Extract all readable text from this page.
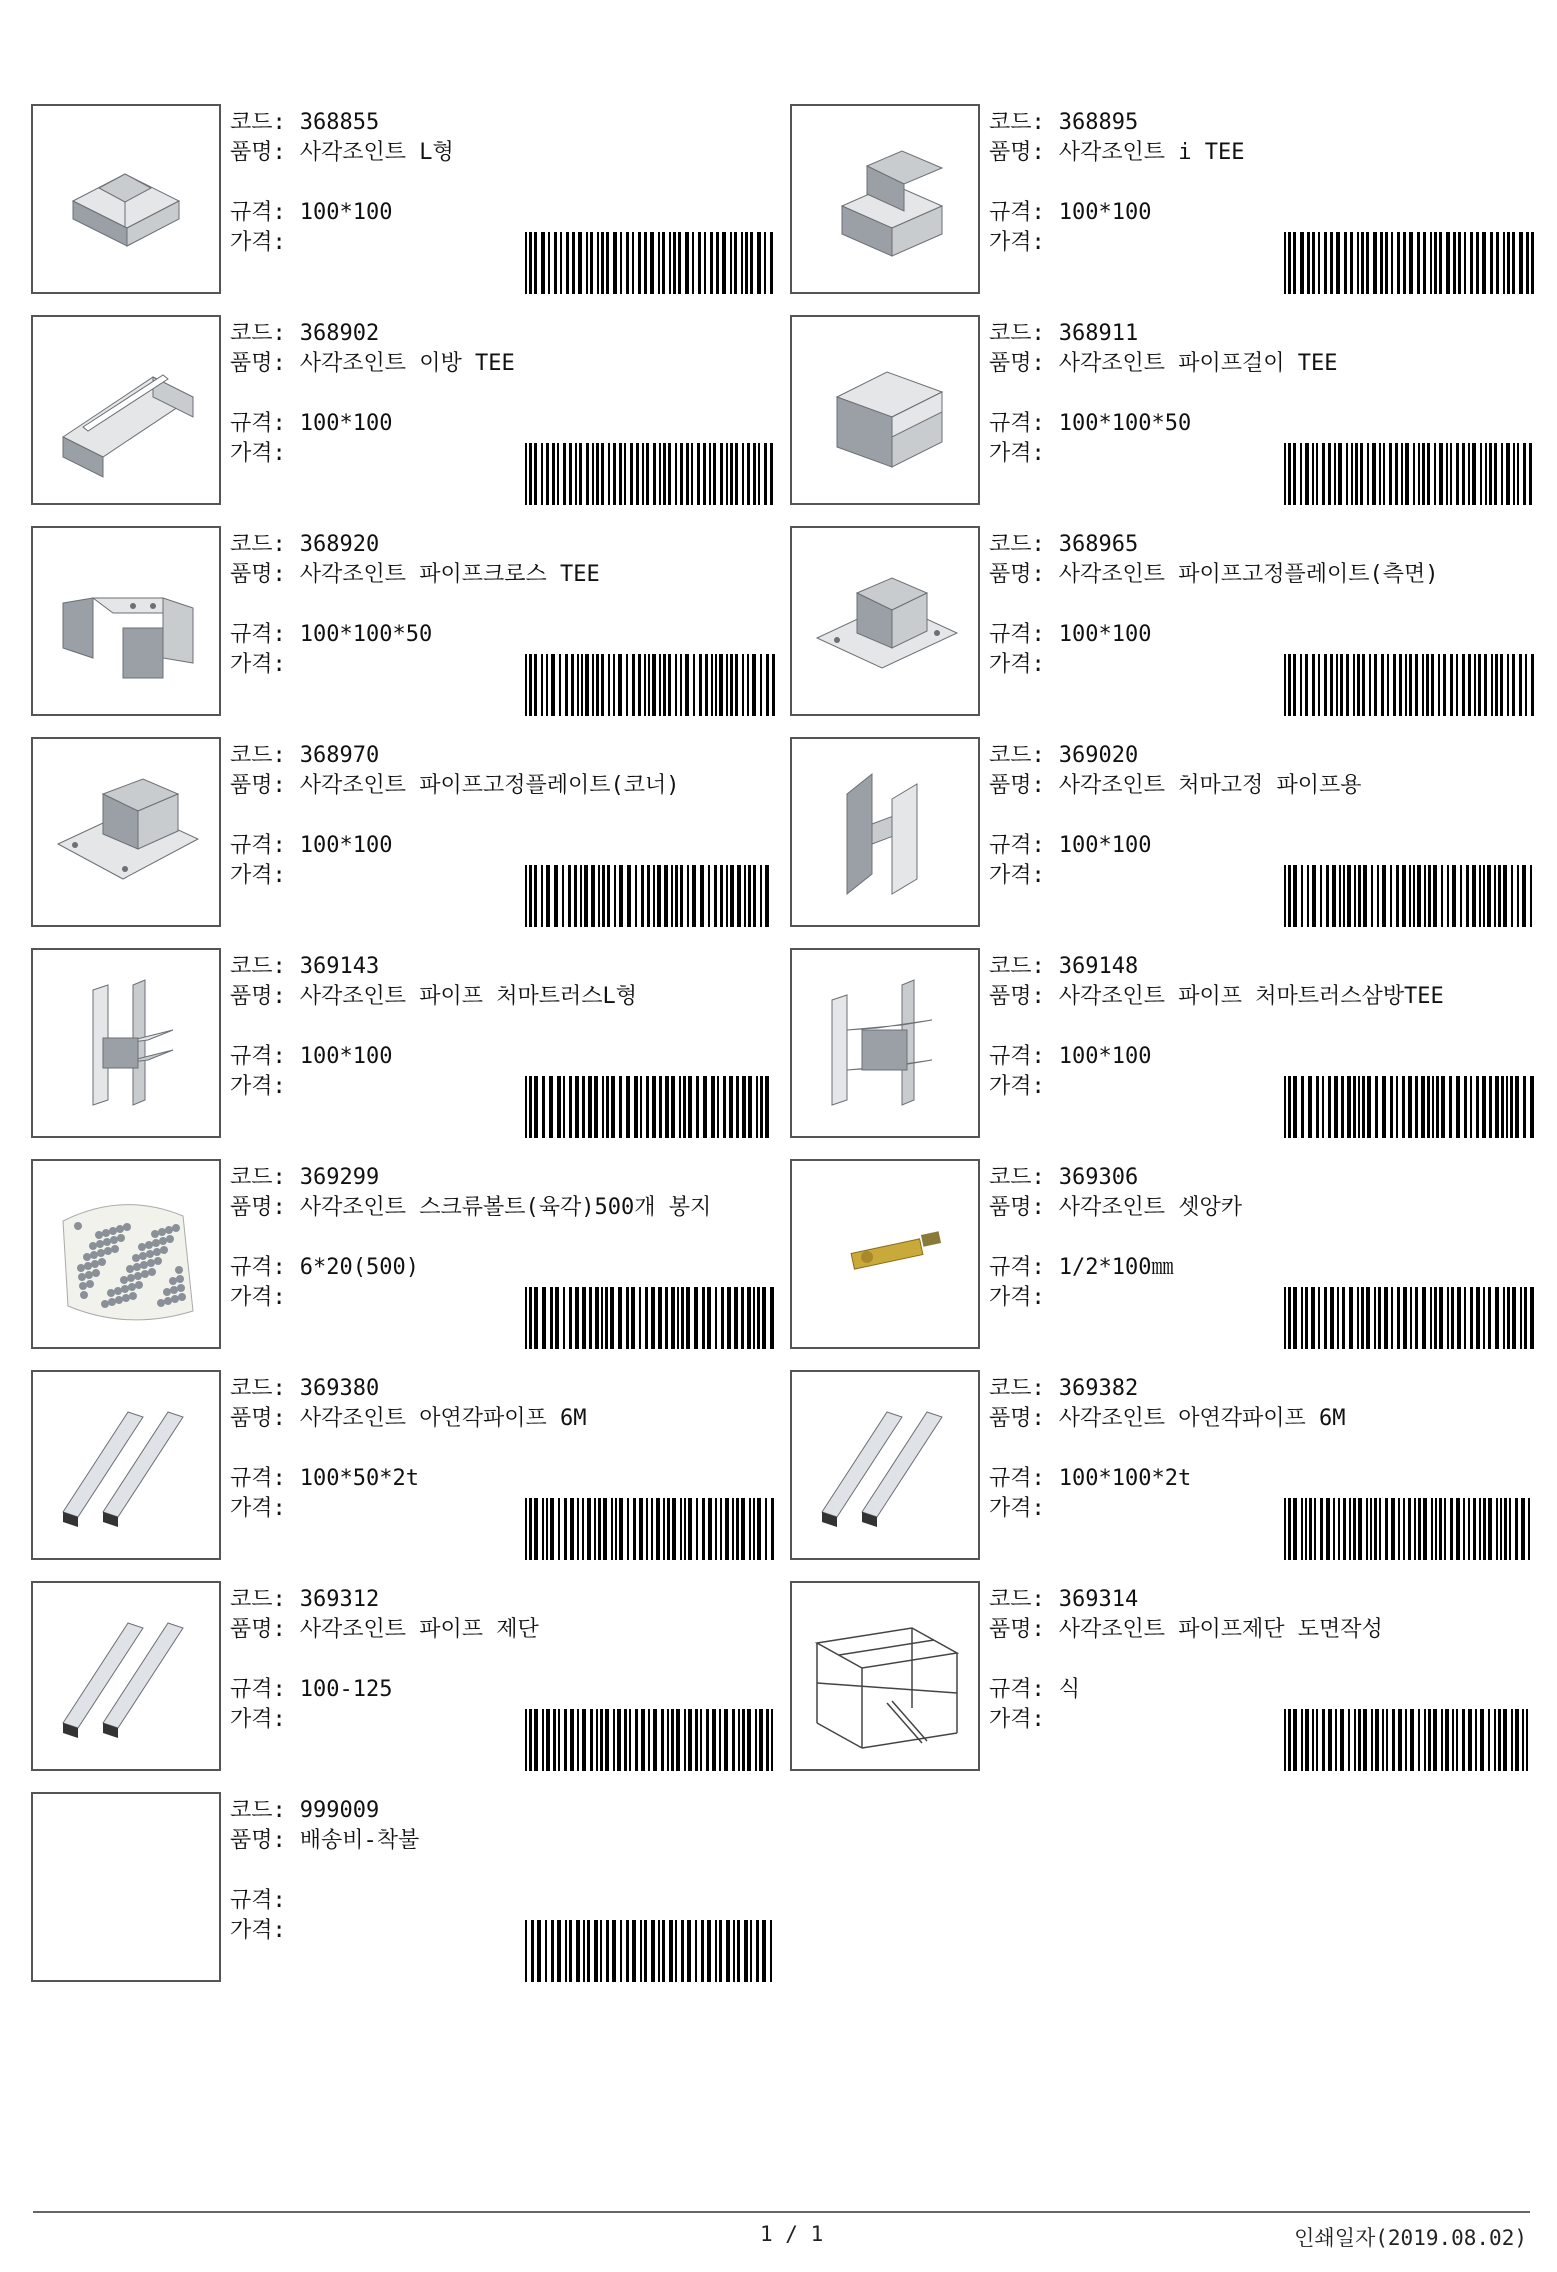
코드: 368855
품명: 사각조인트 L형
규격: 100*100
가격:
코드: 368895
품명: 사각조인트 i TEE
규격: 100*100
가격:
코드: 368902
품명: 사각조인트 이방 TEE
규격: 100*100
가격:
코드: 368911
품명: 사각조인트 파이프걸이 TEE
규격: 100*100*50
가격:
코드: 368920
품명: 사각조인트 파이프크로스 TEE
규격: 100*100*50
가격:
코드: 368965
품명: 사각조인트 파이프고정플레이트(측면)
규격: 100*100
가격:
코드: 368970
품명: 사각조인트 파이프고정플레이트(코너)
규격: 100*100
가격:
코드: 369020
품명: 사각조인트 처마고정 파이프용
규격: 100*100
가격:
코드: 369143
품명: 사각조인트 파이프 처마트러스L형
규격: 100*100
가격:
코드: 369148
품명: 사각조인트 파이프 처마트러스삼방TEE
규격: 100*100
가격:
코드: 369299
품명: 사각조인트 스크류볼트(육각)500개 봉지
규격: 6*20(500)
가격:
코드: 369306
품명: 사각조인트 셋앙카
규격: 1/2*100㎜
가격:
코드: 369380
품명: 사각조인트 아연각파이프 6M
규격: 100*50*2t
가격:
코드: 369382
품명: 사각조인트 아연각파이프 6M
규격: 100*100*2t
가격:
코드: 369312
품명: 사각조인트 파이프 제단
규격: 100-125
가격:
코드: 369314
품명: 사각조인트 파이프제단 도면작성
규격: 식
가격:
코드: 999009
품명: 배송비-착불
규격:
가격:
1 / 1	인쇄일자(2019.08.02)
